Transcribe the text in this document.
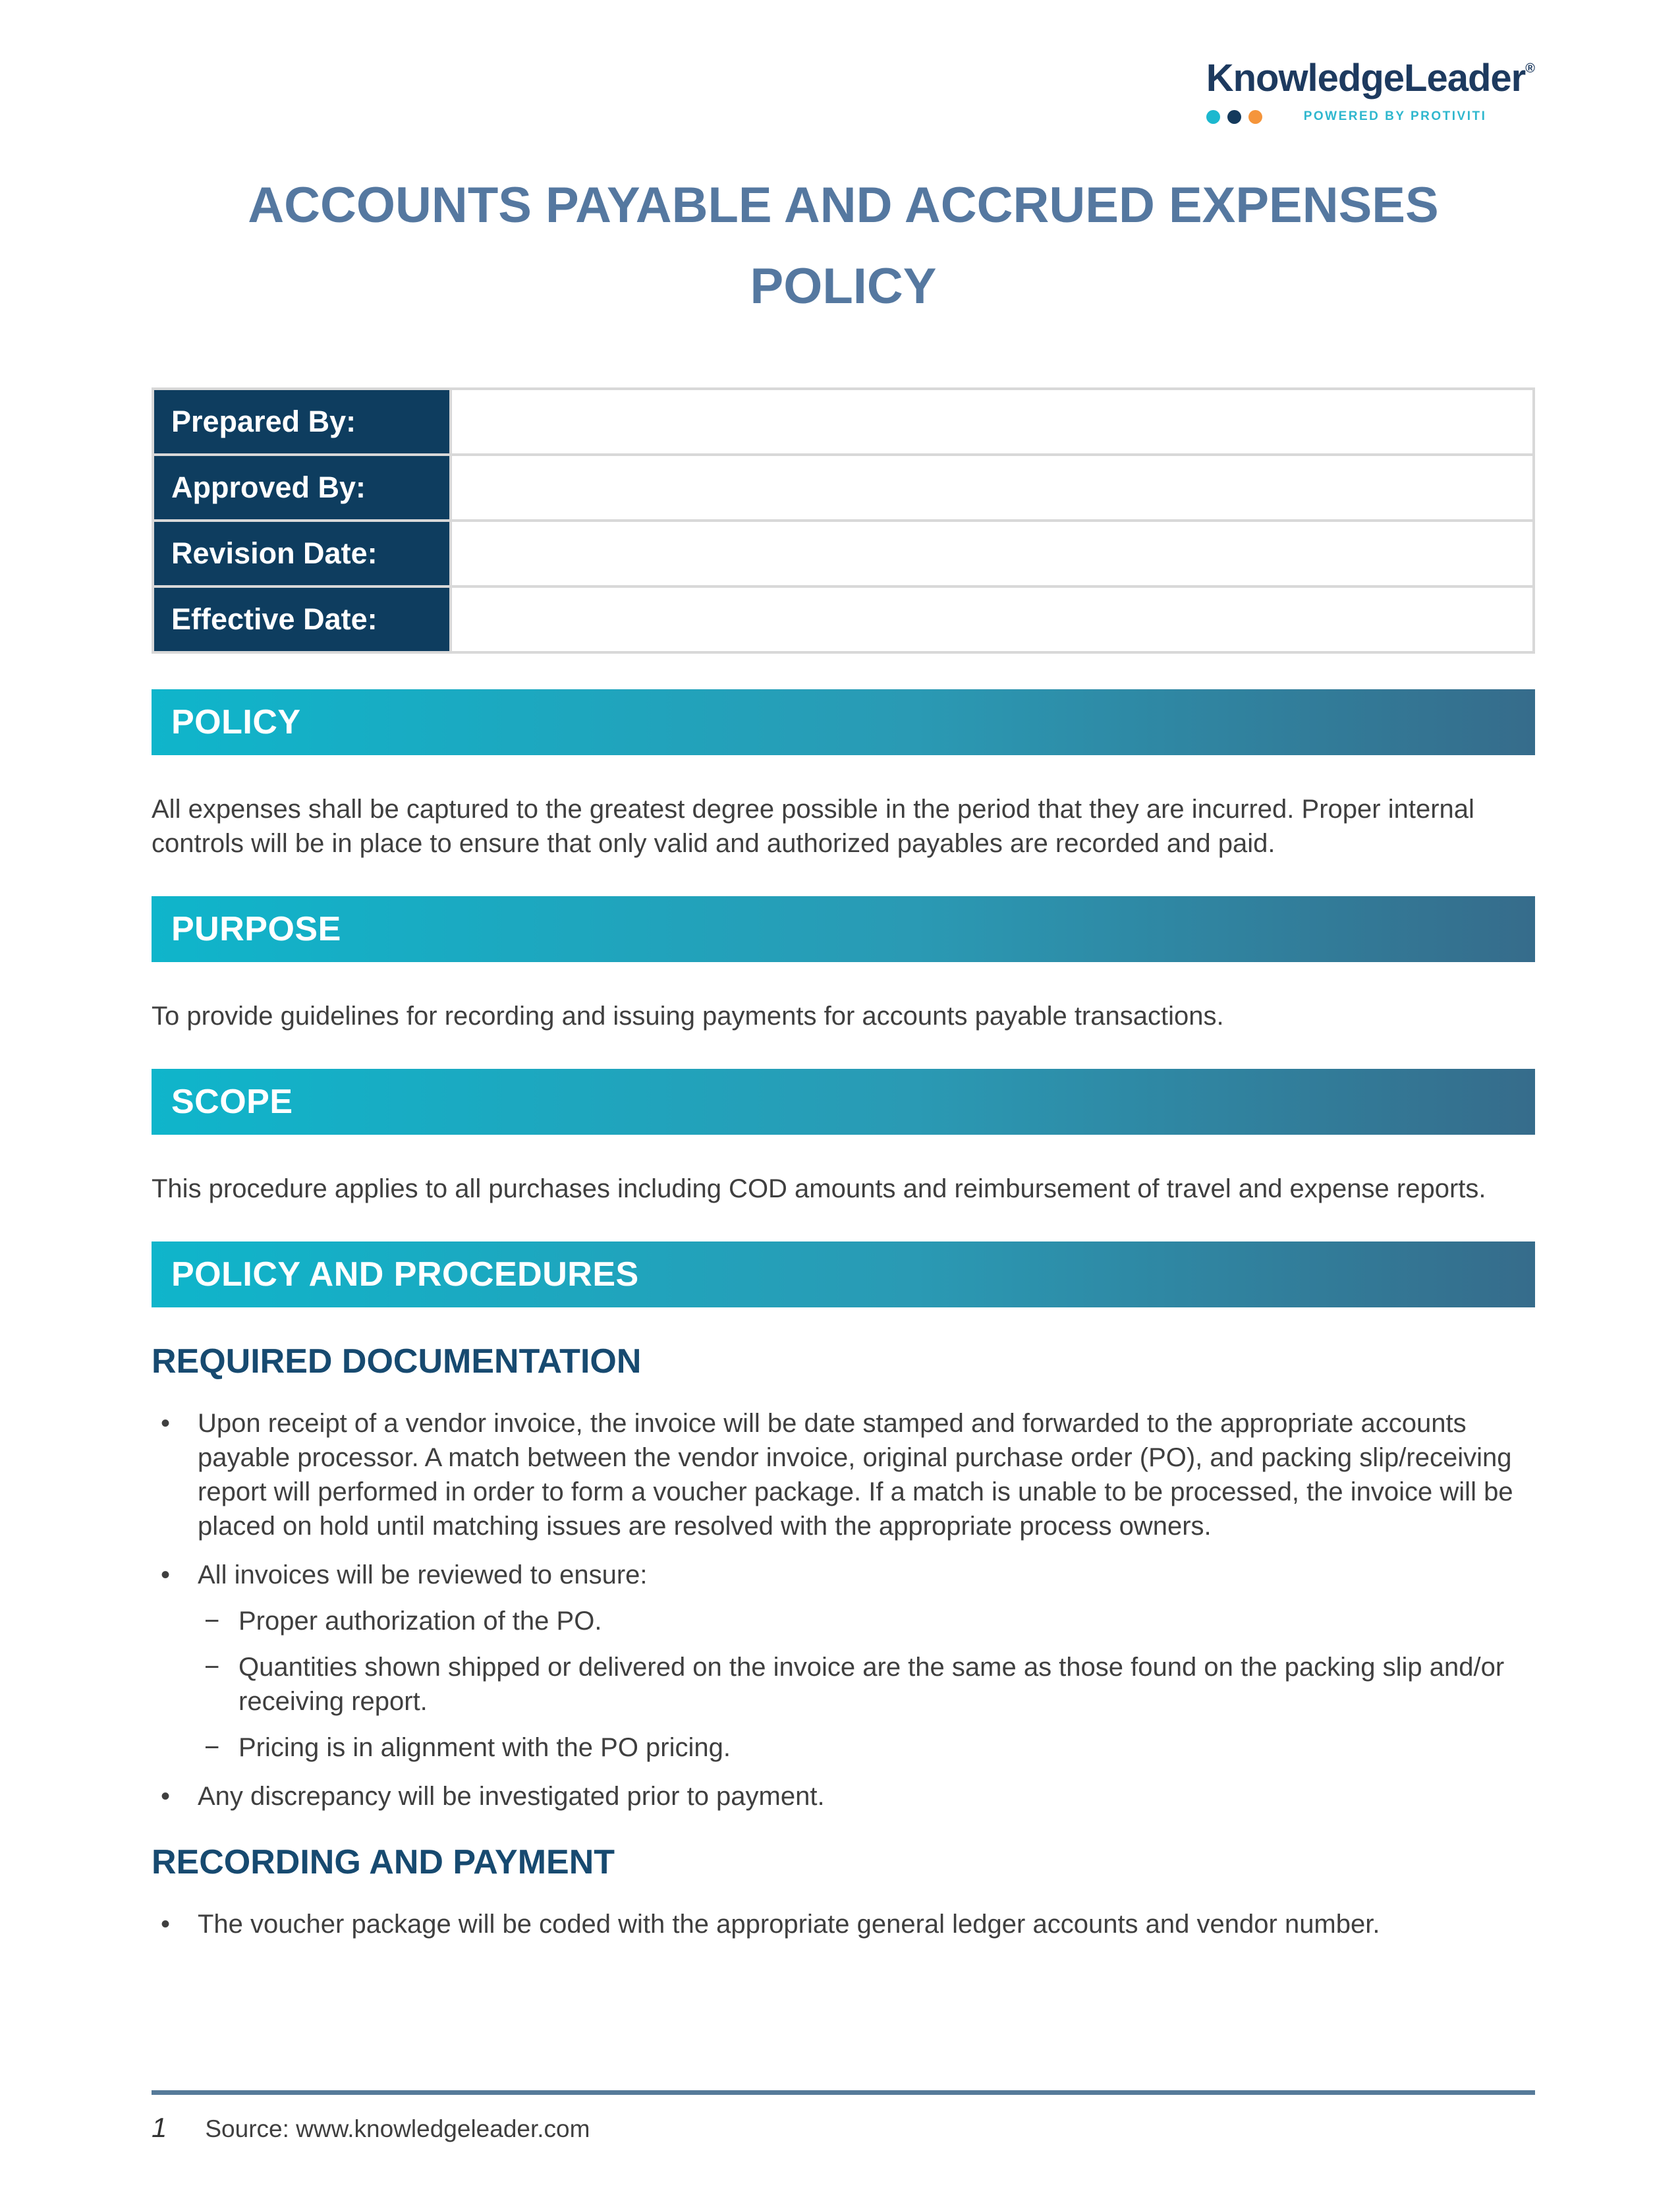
KnowledgeLeader®
POWERED BY PROTIVITI
ACCOUNTS PAYABLE AND ACCRUED EXPENSES
POLICY
Prepared By:	
Approved By:	
Revision Date:	
Effective Date:	
POLICY

All expenses shall be captured to the greatest degree possible in the period that they are incurred. Proper internal controls will be in place to ensure that only valid and authorized payables are recorded and paid.

PURPOSE

To provide guidelines for recording and issuing payments for accounts payable transactions.

SCOPE

This procedure applies to all purchases including COD amounts and reimbursement of travel and expense reports.

POLICY AND PROCEDURES
REQUIRED DOCUMENTATION
•	Upon receipt of a vendor invoice, the invoice will be date stamped and forwarded to the appropriate accounts payable processor. A match between the vendor invoice, original purchase order (PO), and packing slip/receiving report will performed in order to form a voucher package. If a match is unable to be processed, the invoice will be placed on hold until matching issues are resolved with the appropriate process owners.
•	All invoices will be reviewed to ensure:
− Proper authorization of the PO.
− Quantities shown shipped or delivered on the invoice are the same as those found on the packing slip and/or receiving report.
− Pricing is in alignment with the PO pricing.
•	Any discrepancy will be investigated prior to payment.
RECORDING AND PAYMENT
•	The voucher package will be coded with the appropriate general ledger accounts and vendor number.
1 Source: www.knowledgeleader.com
